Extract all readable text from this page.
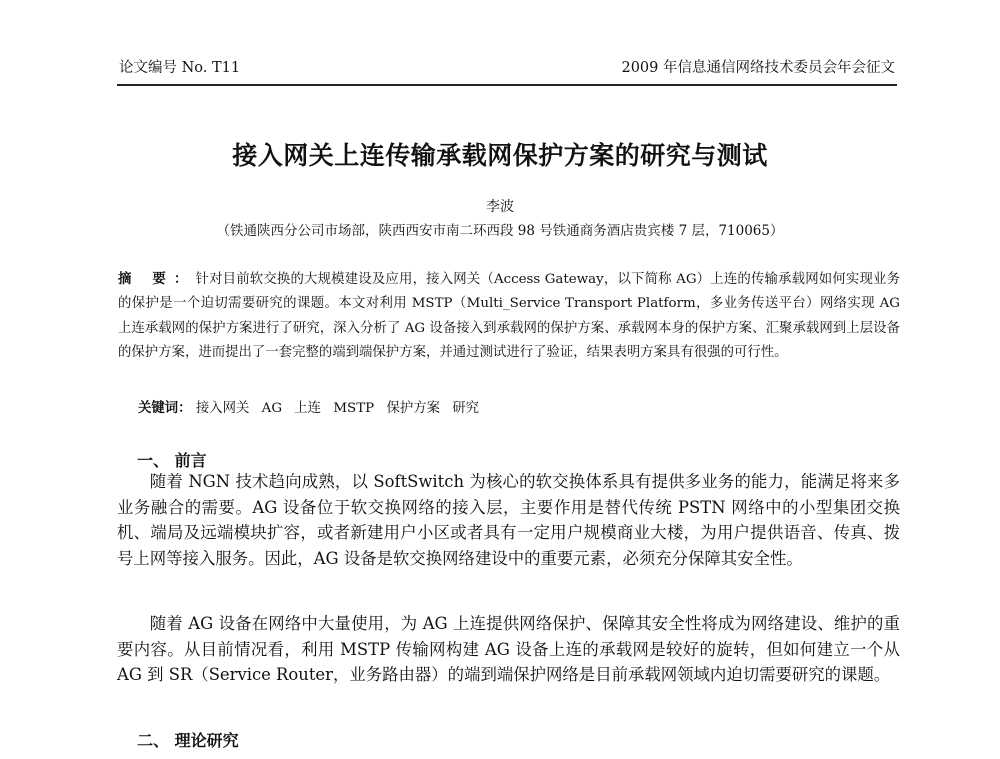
论文编号 No. T11	2009 年信息通信网络技术委员会年会征文
接入网关上连传输承载网保护方案的研究与测试
李波
（铁通陕西分公司市场部，陕西西安市南二环西段 98 号铁通商务酒店贵宾楼 7 层，710065）
摘 要：针对目前软交换的大规模建设及应用，接入网关（Access Gateway，以下简称 AG）上连的传输承载网如何实现业务的保护是一个迫切需要研究的课题。本文对利用 MSTP（Multi_Service Transport Platform，多业务传送平台）网络实现 AG 上连承载网的保护方案进行了研究，深入分析了 AG 设备接入到承载网的保护方案、承载网本身的保护方案、汇聚承载网到上层设备的保护方案，进而提出了一套完整的端到端保护方案，并通过测试进行了验证，结果表明方案具有很强的可行性。
关键词： 接入网关 AG 上连 MSTP 保护方案 研究
一、 前言
随着 NGN 技术趋向成熟，以 SoftSwitch 为核心的软交换体系具有提供多业务的能力，能满足将来多业务融合的需要。AG 设备位于软交换网络的接入层，主要作用是替代传统 PSTN 网络中的小型集团交换机、端局及远端模块扩容，或者新建用户小区或者具有一定用户规模商业大楼，为用户提供语音、传真、拨号上网等接入服务。因此，AG 设备是软交换网络建设中的重要元素，必须充分保障其安全性。
随着 AG 设备在网络中大量使用，为 AG 上连提供网络保护、保障其安全性将成为网络建设、维护的重要内容。从目前情况看，利用 MSTP 传输网构建 AG 设备上连的承载网是较好的旋转，但如何建立一个从 AG 到 SR（Service Router，业务路由器）的端到端保护网络是目前承载网领域内迫切需要研究的课题。
二、 理论研究
